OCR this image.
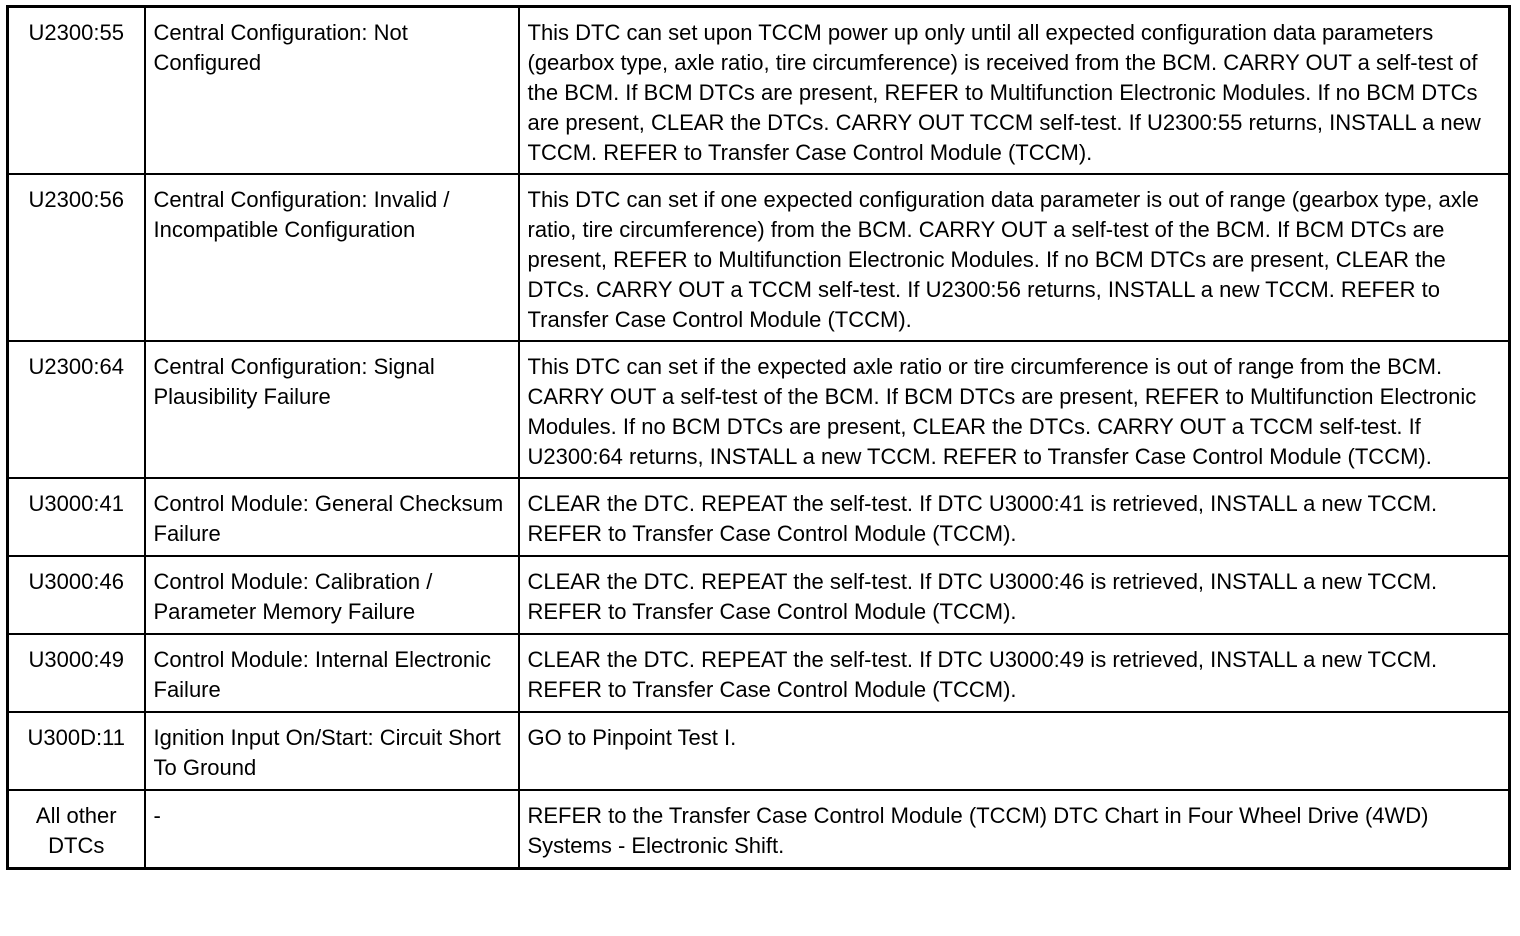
U2300:55	Central Configuration: Not Configured	This DTC can set upon TCCM power up only until all expected configuration data parameters (gearbox type, axle ratio, tire circumference) is received from the BCM. CARRY OUT a self-test of the BCM. If BCM DTCs are present, REFER to Multifunction Electronic Modules. If no BCM DTCs are present, CLEAR the DTCs. CARRY OUT TCCM self-test. If U2300:55 returns, INSTALL a new TCCM. REFER to Transfer Case Control Module (TCCM).
U2300:56	Central Configuration: Invalid / Incompatible Configuration	This DTC can set if one expected configuration data parameter is out of range (gearbox type, axle ratio, tire circumference) from the BCM. CARRY OUT a self-test of the BCM. If BCM DTCs are present, REFER to Multifunction Electronic Modules. If no BCM DTCs are present, CLEAR the DTCs. CARRY OUT a TCCM self-test. If U2300:56 returns, INSTALL a new TCCM. REFER to Transfer Case Control Module (TCCM).
U2300:64	Central Configuration: Signal Plausibility Failure	This DTC can set if the expected axle ratio or tire circumference is out of range from the BCM. CARRY OUT a self-test of the BCM. If BCM DTCs are present, REFER to Multifunction Electronic Modules. If no BCM DTCs are present, CLEAR the DTCs. CARRY OUT a TCCM self-test. If U2300:64 returns, INSTALL a new TCCM. REFER to Transfer Case Control Module (TCCM).
U3000:41	Control Module: General Checksum Failure	CLEAR the DTC. REPEAT the self-test. If DTC U3000:41 is retrieved, INSTALL a new TCCM. REFER to Transfer Case Control Module (TCCM).
U3000:46	Control Module: Calibration / Parameter Memory Failure	CLEAR the DTC. REPEAT the self-test. If DTC U3000:46 is retrieved, INSTALL a new TCCM. REFER to Transfer Case Control Module (TCCM).
U3000:49	Control Module: Internal Electronic Failure	CLEAR the DTC. REPEAT the self-test. If DTC U3000:49 is retrieved, INSTALL a new TCCM. REFER to Transfer Case Control Module (TCCM).
U300D:11	Ignition Input On/Start: Circuit Short To Ground	GO to Pinpoint Test I.
All other DTCs	-	REFER to the Transfer Case Control Module (TCCM) DTC Chart in Four Wheel Drive (4WD) Systems - Electronic Shift.
